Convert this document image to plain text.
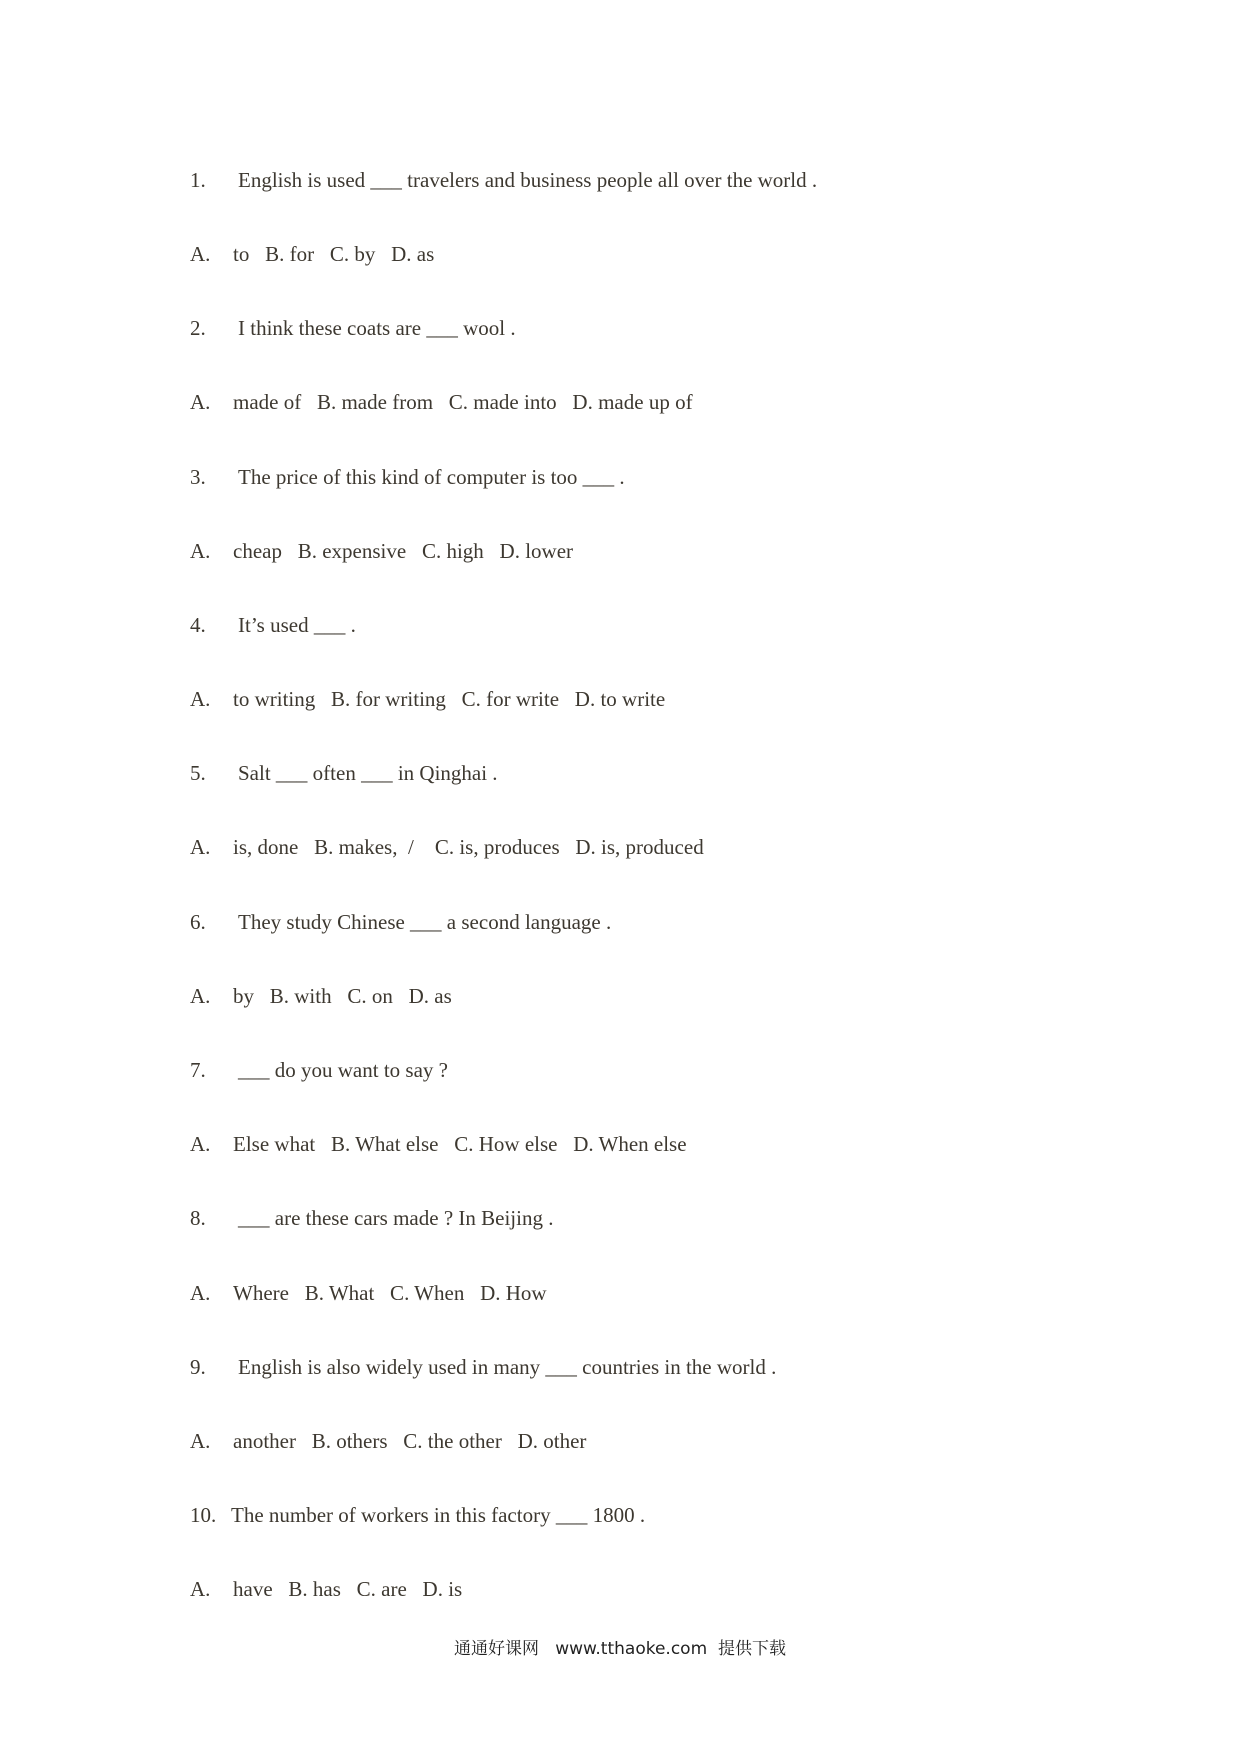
1. English is used ___ travelers and business people all over the world .
A. to   B. for   C. by   D. as
2. I think these coats are ___ wool .
A. made of   B. made from   C. made into   D. made up of
3. The price of this kind of computer is too ___ .
A. cheap   B. expensive   C. high   D. lower
4. It’s used ___ .
A. to writing   B. for writing   C. for write   D. to write
5. Salt ___ often ___ in Qinghai .
A. is, done   B. makes,  /    C. is, produces   D. is, produced
6. They study Chinese ___ a second language .
A. by   B. with   C. on   D. as
7. ___ do you want to say ?
A. Else what   B. What else   C. How else   D. When else
8. ___ are these cars made ? In Beijing .
A. Where   B. What   C. When   D. How
9. English is also widely used in many ___ countries in the world .
A. another   B. others   C. the other   D. other
10. The number of workers in this factory ___ 1800 .
A. have   B. has   C. are   D. is
通通好课网   www.tthaoke.com  提供下载
